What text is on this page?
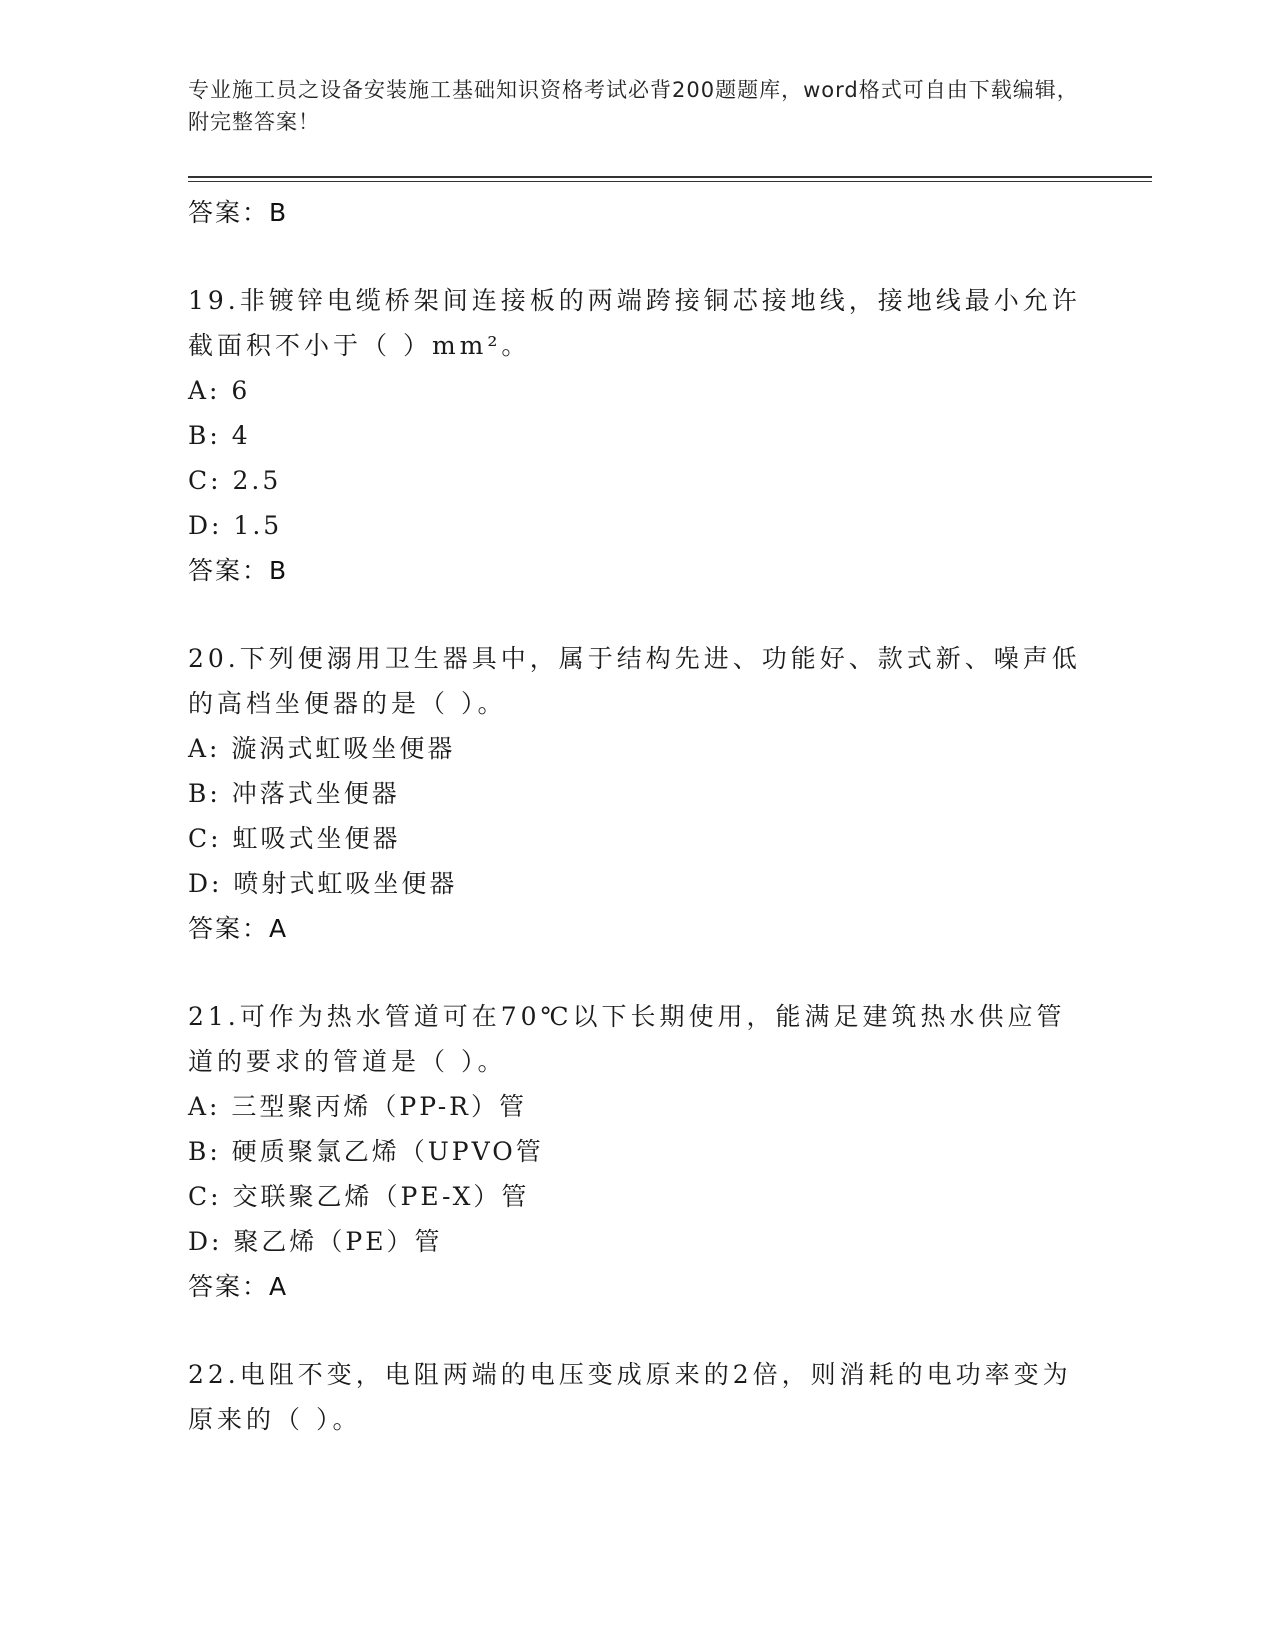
专业施工员之设备安装施工基础知识资格考试必背200题题库，word格式可自由下载编辑，附完整答案！
答案：B
19.非镀锌电缆桥架间连接板的两端跨接铜芯接地线，接地线最小允许截面积不小于（ ）mm²。
A: 6
B: 4
C: 2.5
D: 1.5
答案：B
20.下列便溺用卫生器具中，属于结构先进、功能好、款式新、噪声低的高档坐便器的是（ ）。
A: 漩涡式虹吸坐便器
B: 冲落式坐便器
C: 虹吸式坐便器
D: 喷射式虹吸坐便器
答案：A
21.可作为热水管道可在70℃以下长期使用，能满足建筑热水供应管道的要求的管道是（ ）。
A: 三型聚丙烯（PP-R）管
B: 硬质聚氯乙烯（UPVO管
C: 交联聚乙烯（PE-X）管
D: 聚乙烯（PE）管
答案：A
22.电阻不变，电阻两端的电压变成原来的2倍，则消耗的电功率变为原来的（ ）。
